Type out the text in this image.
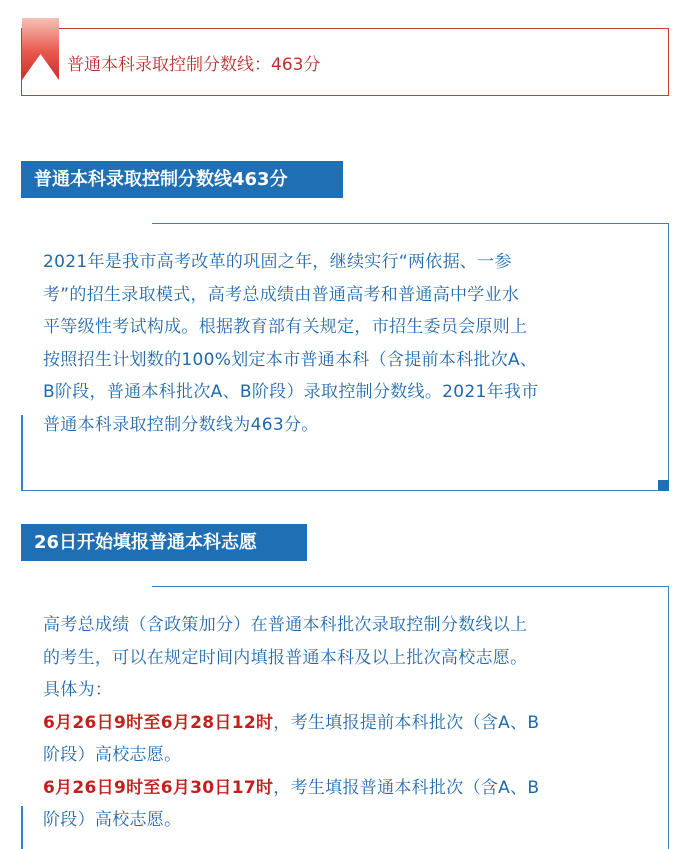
普通本科录取控制分数线：463分
普通本科录取控制分数线463分
2021年是我市高考改革的巩固之年，继续实行“两依据、一参
考”的招生录取模式，高考总成绩由普通高考和普通高中学业水
平等级性考试构成。根据教育部有关规定，市招生委员会原则上
按照招生计划数的100%划定本市普通本科（含提前本科批次A、
B阶段，普通本科批次A、B阶段）录取控制分数线。2021年我市
普通本科录取控制分数线为463分。
26日开始填报普通本科志愿
高考总成绩（含政策加分）在普通本科批次录取控制分数线以上
的考生，可以在规定时间内填报普通本科及以上批次高校志愿。
具体为：
6月26日9时至6月28日12时，考生填报提前本科批次（含A、B
阶段）高校志愿。
6月26日9时至6月30日17时，考生填报普通本科批次（含A、B
阶段）高校志愿。
